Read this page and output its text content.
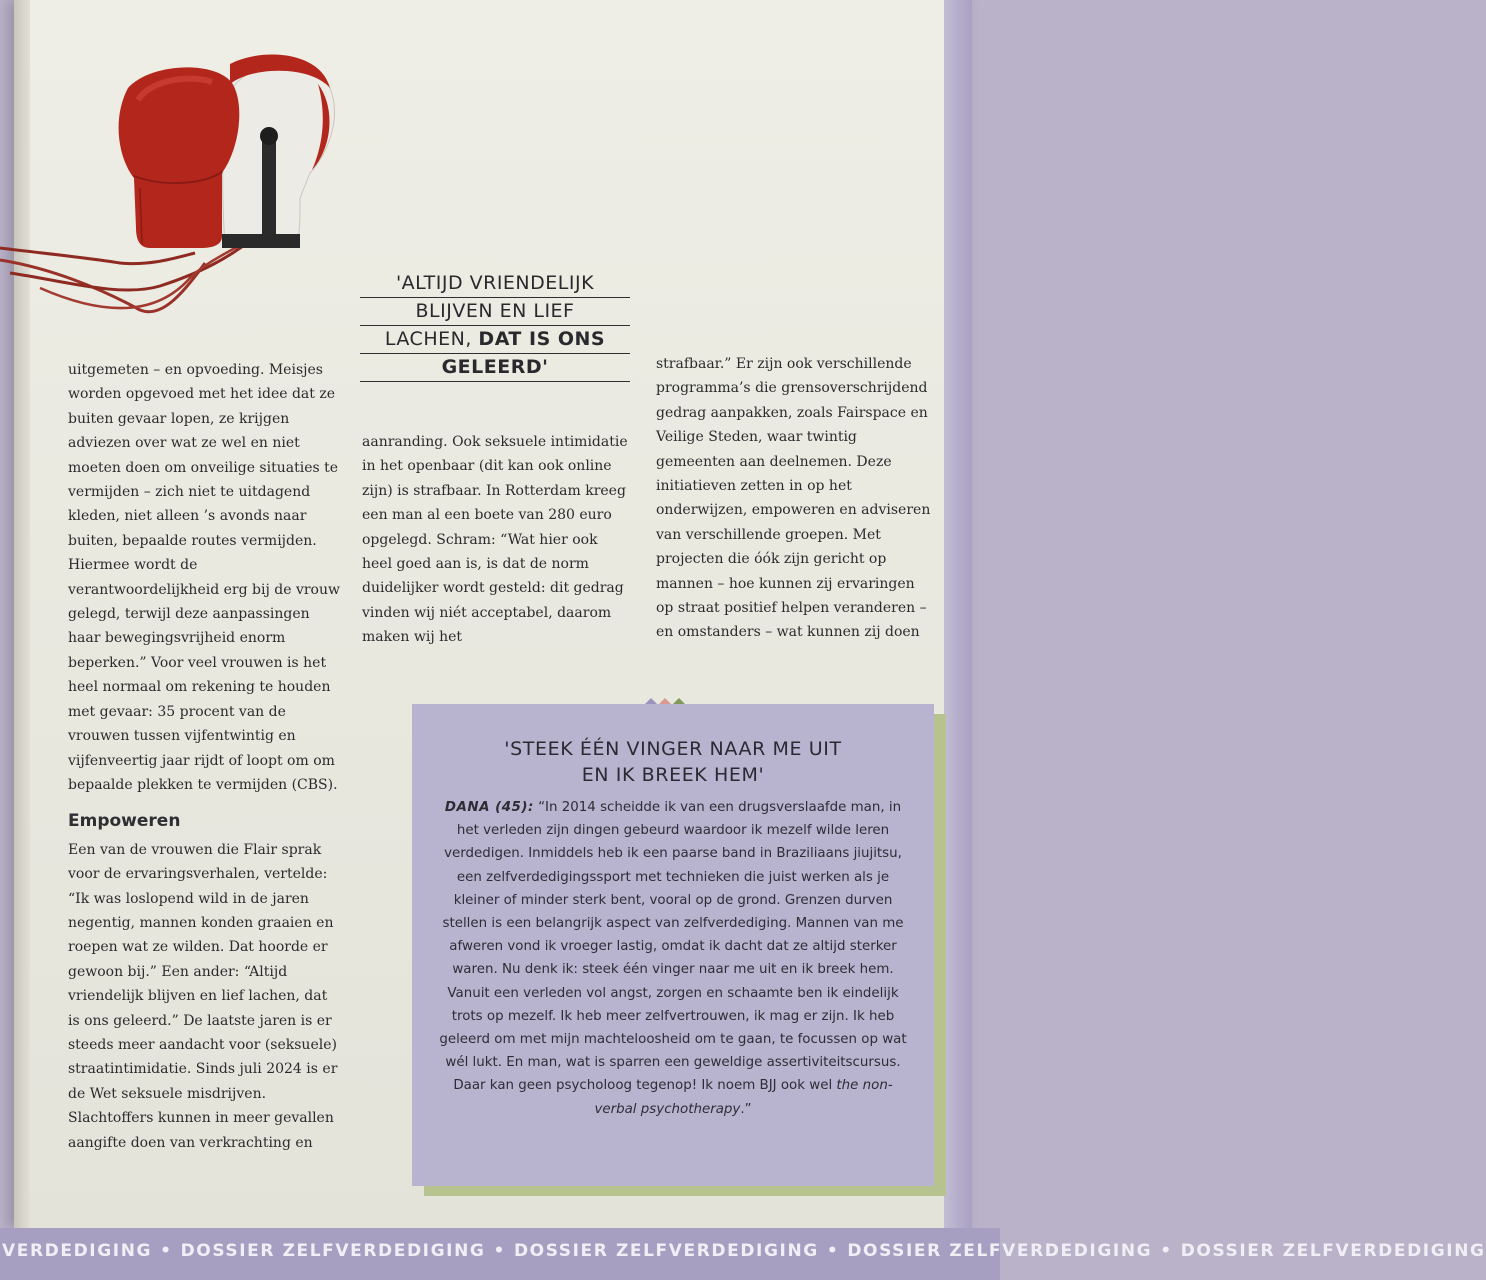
'ALTIJD VRIENDELIJK
BLIJVEN EN LIEF
LACHEN, DAT IS ONS
GELEERD'

uitgemeten – en opvoeding. Meisjes worden opgevoed met het idee dat ze buiten gevaar lopen, ze krijgen adviezen over wat ze wel en niet moeten doen om onveilige situaties te vermijden – zich niet te uitdagend kleden, niet alleen ’s avonds naar buiten, bepaalde routes vermijden. Hiermee wordt de verantwoordelijkheid erg bij de vrouw gelegd, terwijl deze aanpassingen haar bewegingsvrijheid enorm beperken.” Voor veel vrouwen is het heel normaal om rekening te houden met gevaar: 35 procent van de vrouwen tussen vijfentwintig en vijfenveertig jaar rijdt of loopt om om bepaalde plekken te vermijden (CBS).

Empoweren

Een van de vrouwen die Flair sprak voor de ervaringsverhalen, vertelde: “Ik was loslopend wild in de jaren negentig, mannen konden graaien en roepen wat ze wilden. Dat hoorde er gewoon bij.” Een ander: “Altijd vriendelijk blijven en lief lachen, dat is ons geleerd.” De laatste jaren is er steeds meer aandacht voor (seksuele) straatintimidatie. Sinds juli 2024 is er de Wet seksuele misdrijven. Slachtoffers kunnen in meer gevallen aangifte doen van verkrachting en

aanranding. Ook seksuele intimidatie in het openbaar (dit kan ook online zijn) is strafbaar. In Rotterdam kreeg een man al een boete van 280 euro opgelegd. Schram: “Wat hier ook heel goed aan is, is dat de norm duidelijker wordt gesteld: dit gedrag vinden wij niét acceptabel, daarom maken wij het

strafbaar.” Er zijn ook verschillende programma’s die grensoverschrijdend gedrag aanpakken, zoals Fairspace en Veilige Steden, waar twintig gemeenten aan deelnemen. Deze initiatieven zetten in op het onderwijzen, empoweren en adviseren van verschillende groepen. Met projecten die óók zijn gericht op mannen – hoe kunnen zij ervaringen op straat positief helpen veranderen – en omstanders – wat kunnen zij doen

'STEEK ÉÉN VINGER NAAR ME UIT
EN IK BREEK HEM'
DANA (45): “In 2014 scheidde ik van een drugsverslaafde man, in het verleden zijn dingen gebeurd waardoor ik mezelf wilde leren verdedigen. Inmiddels heb ik een paarse band in Braziliaans jiujitsu, een zelfverdedigingssport met technieken die juist werken als je kleiner of minder sterk bent, vooral op de grond. Grenzen durven stellen is een belangrijk aspect van zelfverdediging. Mannen van me afweren vond ik vroeger lastig, omdat ik dacht dat ze altijd sterker waren. Nu denk ik: steek één vinger naar me uit en ik breek hem. Vanuit een verleden vol angst, zorgen en schaamte ben ik eindelijk trots op mezelf. Ik heb meer zelfvertrouwen, ik mag er zijn. Ik heb geleerd om met mijn machteloosheid om te gaan, te focussen op wat wél lukt. En man, wat is sparren een geweldige assertiviteitscursus. Daar kan geen psycholoog tegenop! Ik noem BJJ ook wel the non-verbal psychotherapy.”
VERDEDIGING • DOSSIER ZELFVERDEDIGING • DOSSIER ZELFVERDEDIGING • DOSSIER ZELFVERDEDIGING • DOSSIER ZELFVERDEDIGING
